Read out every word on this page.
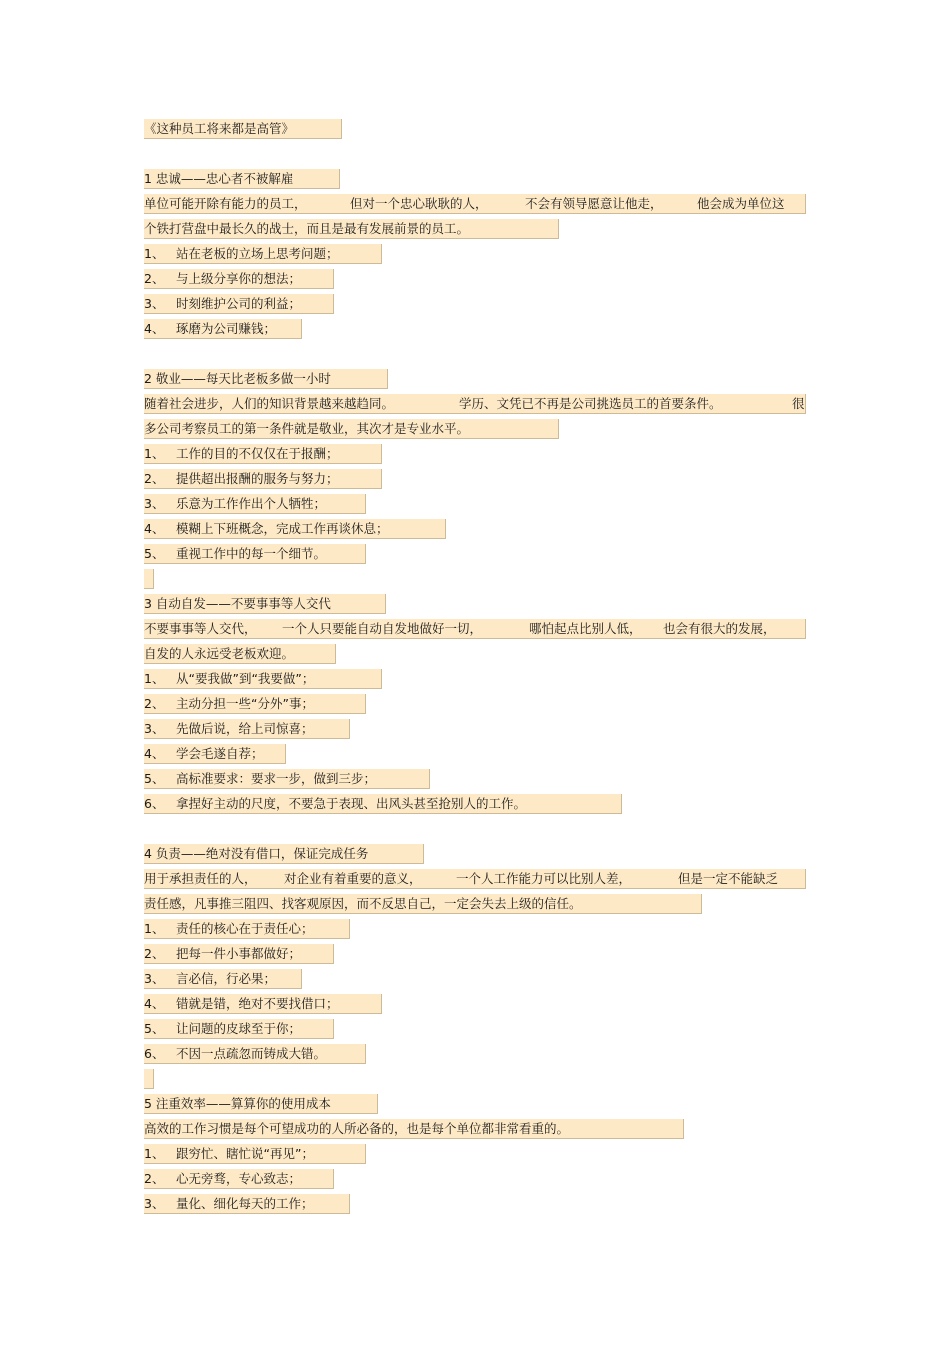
《这种员工将来都是高管》
1 忠诚——忠心者不被解雇
单位可能开除有能力的员工，	但对一个忠心耿耿的人，	不会有领导愿意让他走，	他会成为单位这
个铁打营盘中最长久的战士，而且是最有发展前景的员工。
1、 站在老板的立场上思考问题；
2、 与上级分享你的想法；
3、 时刻维护公司的利益；
4、 琢磨为公司赚钱；
2 敬业——每天比老板多做一小时
随着社会进步，人们的知识背景越来越趋同。	学历、文凭已不再是公司挑选员工的首要条件。	很
多公司考察员工的第一条件就是敬业，其次才是专业水平。
1、 工作的目的不仅仅在于报酬；
2、 提供超出报酬的服务与努力；
3、 乐意为工作作出个人牺牲；
4、 模糊上下班概念，完成工作再谈休息；
5、 重视工作中的每一个细节。
3 自动自发——不要事事等人交代
不要事事等人交代， 一个人只要能自动自发地做好一切，	哪怕起点比别人低， 也会有很大的发展，
自发的人永远受老板欢迎。
1、 从“要我做”到“我要做”；
2、 主动分担一些“分外”事；
3、 先做后说，给上司惊喜；
4、 学会毛遂自荐；
5、 高标准要求：要求一步，做到三步；
6、 拿捏好主动的尺度，不要急于表现、出风头甚至抢别人的工作。
4 负责——绝对没有借口，保证完成任务
用于承担责任的人， 对企业有着重要的意义，	一个人工作能力可以比别人差，	但是一定不能缺乏
责任感，凡事推三阻四、找客观原因，而不反思自己，一定会失去上级的信任。
1、 责任的核心在于责任心；
2、 把每一件小事都做好；
3、 言必信，行必果；
4、 错就是错，绝对不要找借口；
5、 让问题的皮球至于你；
6、 不因一点疏忽而铸成大错。
5 注重效率——算算你的使用成本
高效的工作习惯是每个可望成功的人所必备的，也是每个单位都非常看重的。
1、 跟穷忙、瞎忙说“再见”；
2、 心无旁骛，专心致志；
3、 量化、细化每天的工作；
